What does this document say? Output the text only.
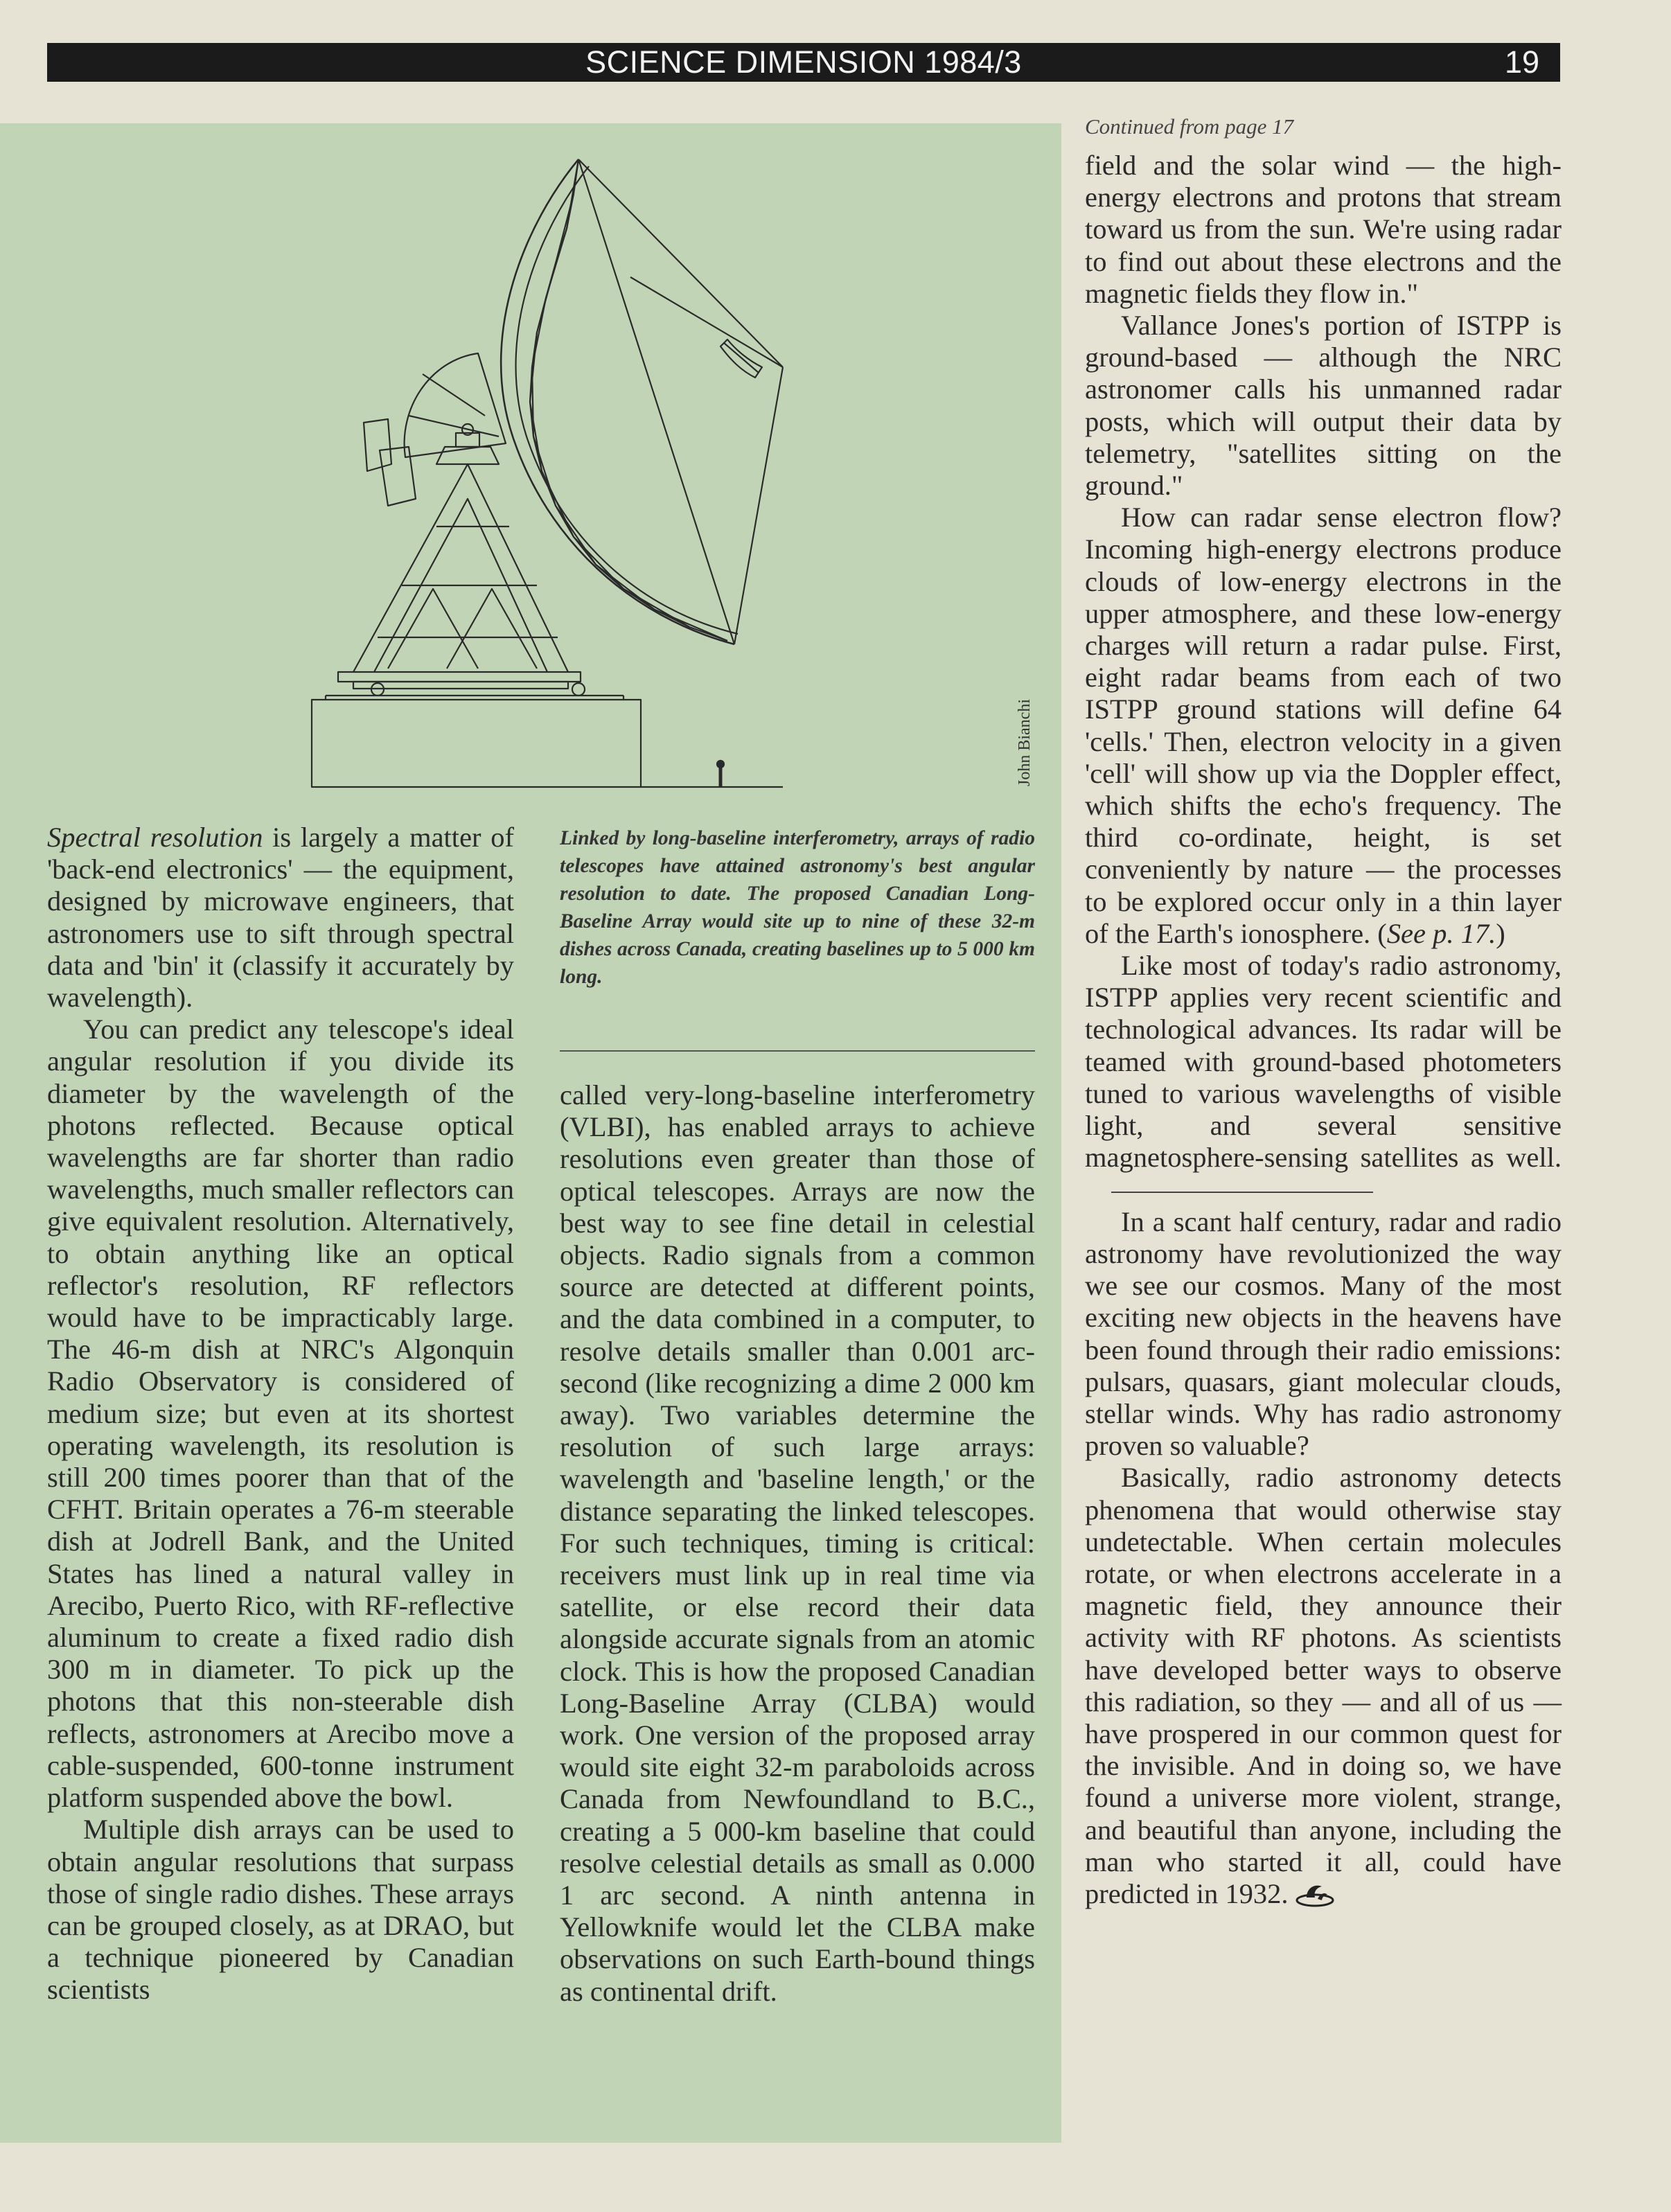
SCIENCE DIMENSION 1984/3	19
John Bianchi
Linked by long-baseline interferometry, arrays of radio telescopes have attained astronomy's best angular resolution to date. The proposed Canadian Long-Baseline Array would site up to nine of these 32-m dishes across Canada, creating baselines up to 5 000 km long.

Spectral resolution is largely a matter of 'back-end electronics' — the equipment, designed by microwave engineers, that astronomers use to sift through spectral data and 'bin' it (classify it accurately by wavelength).

You can predict any telescope's ideal angular resolution if you divide its diameter by the wavelength of the photons reflected. Because optical wavelengths are far shorter than radio wavelengths, much smaller reflectors can give equivalent resolution. Alternatively, to obtain anything like an optical reflector's resolution, RF reflectors would have to be impracticably large. The 46-m dish at NRC's Algonquin Radio Observatory is considered of medium size; but even at its shortest operating wavelength, its resolution is still 200 times poorer than that of the CFHT. Britain operates a 76-m steerable dish at Jodrell Bank, and the United States has lined a natural valley in Arecibo, Puerto Rico, with RF-reflective aluminum to create a fixed radio dish 300 m in diameter. To pick up the photons that this non-steerable dish reflects, astronomers at Arecibo move a cable-suspended, 600-tonne instrument platform suspended above the bowl.

Multiple dish arrays can be used to obtain angular resolutions that surpass those of single radio dishes. These arrays can be grouped closely, as at DRAO, but a technique pioneered by Canadian scientists

called very-long-baseline interferometry (VLBI), has enabled arrays to achieve resolutions even greater than those of optical telescopes. Arrays are now the best way to see fine detail in celestial objects. Radio signals from a common source are detected at different points, and the data combined in a computer, to resolve details smaller than 0.001 arc-second (like recognizing a dime 2 000 km away). Two variables determine the resolution of such large arrays: wavelength and 'baseline length,' or the distance separating the linked telescopes. For such techniques, timing is critical: receivers must link up in real time via satellite, or else record their data alongside accurate signals from an atomic clock. This is how the proposed Canadian Long-Baseline Array (CLBA) would work. One version of the proposed array would site eight 32-m paraboloids across Canada from Newfoundland to B.C., creating a 5 000-km baseline that could resolve celestial details as small as 0.000 1 arc second. A ninth antenna in Yellowknife would let the CLBA make observations on such Earth-bound things as continental drift.

Continued from page 17

field and the solar wind — the high-energy electrons and protons that stream toward us from the sun. We're using radar to find out about these electrons and the magnetic fields they flow in."

Vallance Jones's portion of ISTPP is ground-based — although the NRC astronomer calls his unmanned radar posts, which will output their data by telemetry, "satellites sitting on the ground."

How can radar sense electron flow? Incoming high-energy electrons produce clouds of low-energy electrons in the upper atmosphere, and these low-energy charges will return a radar pulse. First, eight radar beams from each of two ISTPP ground stations will define 64 'cells.' Then, electron velocity in a given 'cell' will show up via the Doppler effect, which shifts the echo's frequency. The third co-ordinate, height, is set conveniently by nature — the processes to be explored occur only in a thin layer of the Earth's ionosphere. (See p. 17.)

Like most of today's radio astronomy, ISTPP applies very recent scientific and technological advances. Its radar will be teamed with ground-based photometers tuned to various wavelengths of visible light, and several sensitive magnetosphere-sensing satellites as well.

In a scant half century, radar and radio astronomy have revolutionized the way we see our cosmos. Many of the most exciting new objects in the heavens have been found through their radio emissions: pulsars, quasars, giant molecular clouds, stellar winds. Why has radio astronomy proven so valuable?

Basically, radio astronomy detects phenomena that would otherwise stay undetectable. When certain molecules rotate, or when electrons accelerate in a magnetic field, they announce their activity with RF photons. As scientists have developed better ways to observe this radiation, so they — and all of us — have prospered in our common quest for the invisible. And in doing so, we have found a universe more violent, strange, and beautiful than anyone, including the man who started it all, could have predicted in 1932.
